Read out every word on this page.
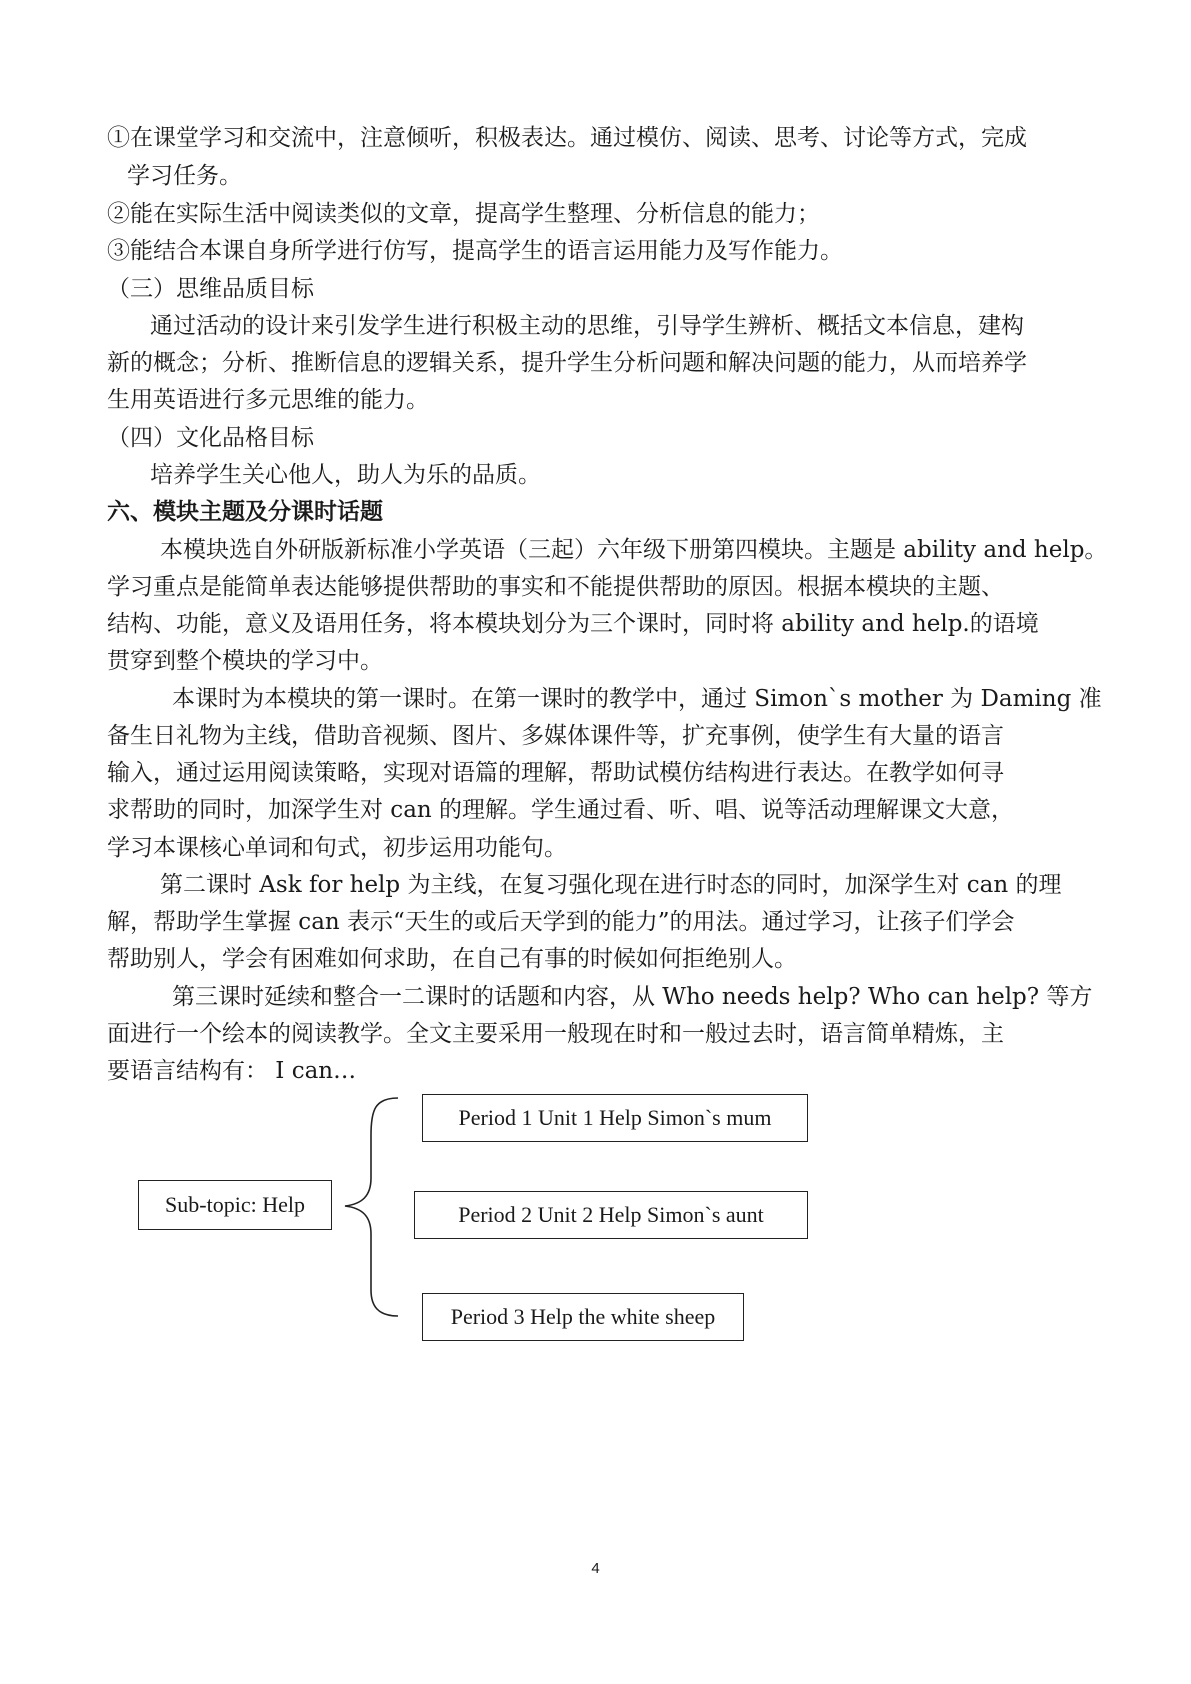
①在课堂学习和交流中，注意倾听，积极表达。通过模仿、阅读、思考、讨论等方式，完成
学习任务。
②能在实际生活中阅读类似的文章，提高学生整理、分析信息的能力；
③能结合本课自身所学进行仿写，提高学生的语言运用能力及写作能力。
（三）思维品质目标
通过活动的设计来引发学生进行积极主动的思维，引导学生辨析、概括文本信息，建构
新的概念；分析、推断信息的逻辑关系，提升学生分析问题和解决问题的能力，从而培养学
生用英语进行多元思维的能力。
（四）文化品格目标
培养学生关心他人，助人为乐的品质。
六、模块主题及分课时话题
本模块选自外研版新标准小学英语（三起）六年级下册第四模块。主题是 ability and help。
学习重点是能简单表达能够提供帮助的事实和不能提供帮助的原因。根据本模块的主题、
结构、功能，意义及语用任务，将本模块划分为三个课时，同时将 ability and help.的语境
贯穿到整个模块的学习中。
本课时为本模块的第一课时。在第一课时的教学中，通过 Simon`s mother 为 Daming 准
备生日礼物为主线，借助音视频、图片、多媒体课件等，扩充事例，使学生有大量的语言
输入，通过运用阅读策略，实现对语篇的理解，帮助试模仿结构进行表达。在教学如何寻
求帮助的同时，加深学生对 can 的理解。学生通过看、听、唱、说等活动理解课文大意，
学习本课核心单词和句式，初步运用功能句。
第二课时 Ask for help 为主线，在复习强化现在进行时态的同时，加深学生对 can 的理
解，帮助学生掌握 can 表示“天生的或后天学到的能力”的用法。通过学习，让孩子们学会
帮助别人，学会有困难如何求助，在自己有事的时候如何拒绝别人。
第三课时延续和整合一二课时的话题和内容，从 Who needs help? Who can help? 等方
面进行一个绘本的阅读教学。全文主要采用一般现在时和一般过去时，语言简单精炼，主
要语言结构有： I can…
Sub-topic: Help
Period 1 Unit 1 Help Simon`s mum
Period 2 Unit 2 Help Simon`s aunt
Period 3 Help the white sheep
4
